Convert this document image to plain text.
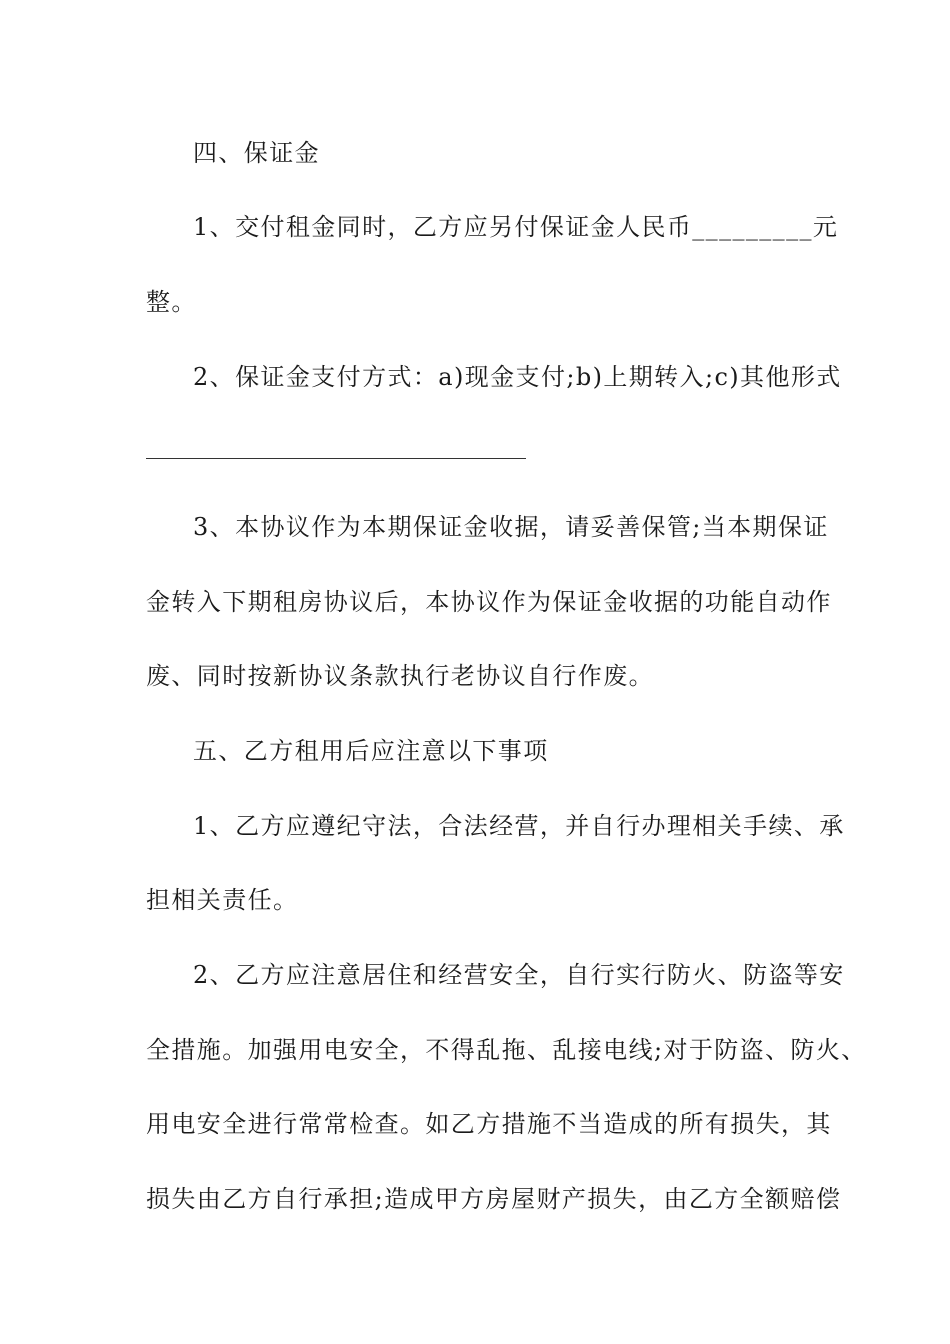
四、保证金
1、交付租金同时，乙方应另付保证金人民币_________元
整。
2、保证金支付方式：a)现金支付;b)上期转入;c)其他形式
3、本协议作为本期保证金收据，请妥善保管;当本期保证
金转入下期租房协议后，本协议作为保证金收据的功能自动作
废、同时按新协议条款执行老协议自行作废。
五、乙方租用后应注意以下事项
1、乙方应遵纪守法，合法经营，并自行办理相关手续、承
担相关责任。
2、乙方应注意居住和经营安全，自行实行防火、防盗等安
全措施。加强用电安全，不得乱拖、乱接电线;对于防盗、防火、
用电安全进行常常检查。如乙方措施不当造成的所有损失，其
损失由乙方自行承担;造成甲方房屋财产损失，由乙方全额赔偿
